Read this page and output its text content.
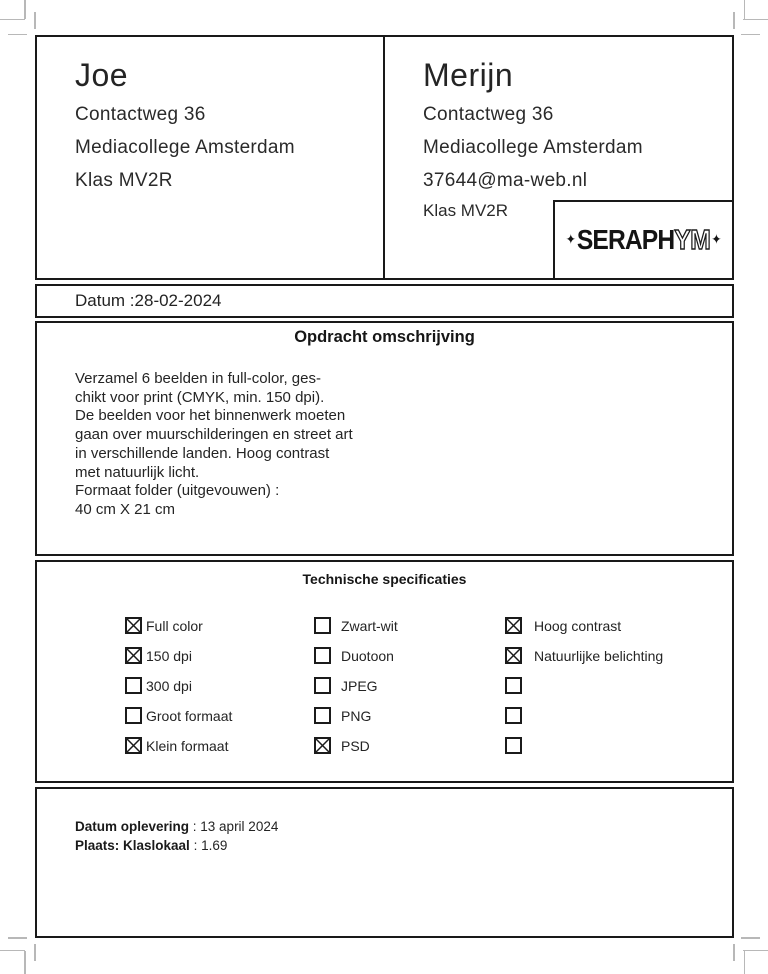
Joe
Contactweg 36
Mediacollege Amsterdam
Klas MV2R
Merijn
Contactweg 36
Mediacollege Amsterdam
37644@ma-web.nl
Klas MV2R
✦ SERAPH YM ✦
Datum :28-02-2024
Opdracht omschrijving
Verzamel 6 beelden in full-color, ges-
chikt voor print (CMYK, min. 150 dpi).
De beelden voor het binnenwerk moeten
gaan over muurschilderingen en street art
in verschillende landen. Hoog contrast
met natuurlijk licht.
Formaat folder (uitgevouwen) :
40 cm X 21 cm
Technische specificaties
Full color
150 dpi
300 dpi
Groot formaat
Klein formaat
Zwart-wit
Duotoon
JPEG
PNG
PSD
Hoog contrast
Natuurlijke belichting
Datum oplevering : 13 april 2024
Plaats: Klaslokaal : 1.69
